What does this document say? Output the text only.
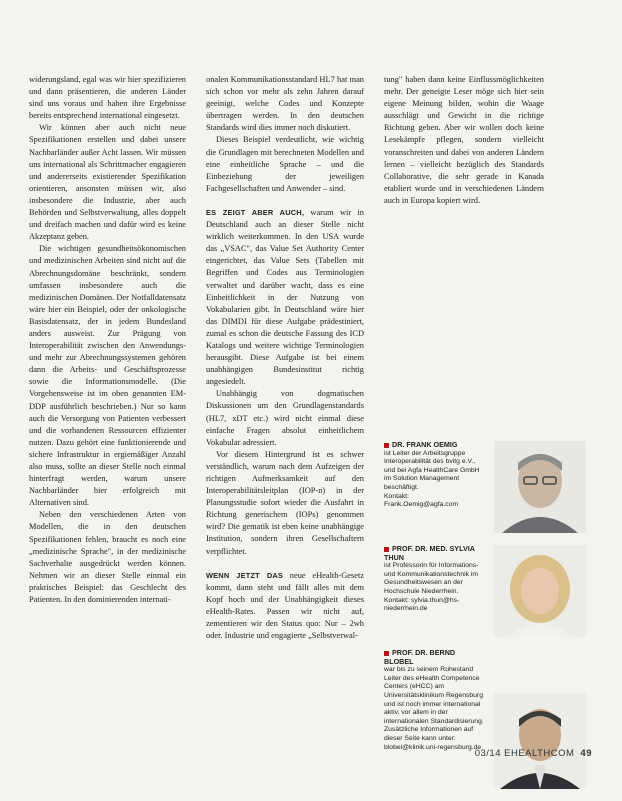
widerungsland, egal was wir hier spezifizieren und dann präsentieren, die anderen Länder sind uns voraus und haben ihre Ergebnisse bereits entsprechend international eingesetzt.

Wir können aber auch nicht neue Spezifikationen erstellen und dabei unsere Nachbarländer außer Acht lassen. Wir müssen uns international als Schrittmacher engagieren und andererseits existierender Spezifikation orientieren, ansonsten müssen wir, also insbesondere die Industrie, aber auch Behörden und Selbstverwaltung, alles doppelt und dreifach machen und dafür wird es keine Akzeptanz geben.

Die wichtigen gesundheitsökonomischen und medizinischen Arbeiten sind nicht auf die Abrechnungsdomäne beschränkt, sondern umfassen insbesondere auch die medizinischen Domänen. Der Notfalldatensatz wäre hier ein Beispiel, oder der onkologische Basisdatensatz, der in jedem Bundesland anders ausweist. Zur Prägung von Interoperabilität zwischen den Anwendungs- und mehr zur Abrechnungssystemen gehören dann die Arbeits- und Geschäftsprozesse sowie die Informationsmodelle. (Die Vorgehensweise ist im oben genannten EM-DDP ausführlich beschrieben.) Nur so kann auch die Versorgung von Patienten verbessert und die vorhandenen Ressourcen effizienter nutzen. Dazu gehört eine funktionierende und sichere Infrastruktur in ergiemäßiger Anzahl also muss, sollte an dieser Stelle noch einmal hinterfragt werden, warum unsere Nachbarländer hier erfolgreich mit Alternativen sind.

Neben den verschiedenen Arten von Modellen, die in den deutschen Spezifikationen fehlen, braucht es noch eine „medizinische Sprache", in der medizinische Sachverhalte ausgedrückt werden können. Nehmen wir an dieser Stelle einmal ein praktisches Beispiel: das Geschlecht des Patienten. In den dominierenden internati-

onalen Kommunikationsstandard HL7 hat man sich schon vor mehr als zehn Jahren darauf geeinigt, welche Codes und Konzepte übertragen werden. In den deutschen Standards wird dies immer noch diskutiert.

Dieses Beispiel verdeutlicht, wie wichtig die Grundlagen mit berechneten Modellen und eine einheitliche Sprache – und die Einbeziehung der jeweiligen Fachgesellschaften und Anwender – sind.

ES ZEIGT ABER AUCH, warum wir in Deutschland auch an dieser Stelle nicht wirklich weiterkommen. In den USA wurde das „VSAC", das Value Set Authority Center eingerichtet, das Value Sets (Tabellen mit Begriffen und Codes aus Terminologien verwaltet und darüber wacht, dass es eine Einheitlichkeit in der Nutzung von Vokabularien gibt. In Deutschland wäre hier das DIMDI für diese Aufgabe prädestiniert, zumal es schon die deutsche Fassung des ICD Katalogs und weitere wichtige Terminologien herausgibt. Diese Aufgabe ist bei einem unabhängigen Bundesinstitut richtig angesiedelt.

Unabhängig von dogmatischen Diskussionen um den Grundlagenstandards (HL7, xDT etc.) wird nicht einmal diese einfache Fragen absolut einheitlichem Vokabular adressiert.

Vor diesem Hintergrund ist es schwer verständlich, warum nach dem Aufzeigen der richtigen Aufmerksamkeit auf den Interoperabilitätsleitplan (IOP-n) in der Planungsstudie sofort wieder die Ausfahrt in Richtung generischem (IOPs) genommen wird? Die gematik ist eben keine unabhängige Institution, sondern ihren Gesellschaftern verpflichtet.

WENN JETZT DAS neue eHealth-Gesetz kommt, dann steht und fällt alles mit dem Kopf hoch und der Unabhängigkeit dieses eHealth-Rates. Passen wir nicht auf, zementieren wir den Status quo: Nur – 2wh oder. Industrie und engagierte „Selbstverwal-

tung" haben dann keine Einflussmöglichkeiten mehr. Der geneigte Leser möge sich hier sein eigene Meinung bilden, wohin die Waage ausschlägt und Gewicht in die richtige Richtung geben. Aber wir wollen doch keine Lesekämpfe pflegen, sondern vielleicht voranschreiten und dabei von anderen Ländern lernen – vielleicht bezüglich des Standards Collaborative, die sehr gerade in Kanada etabliert wurde und in verschiedenen Ländern auch in Europa kopiert wird.

DR. FRANK OEMIG
ist Leiter der Arbeitsgruppe Interoperabilität des bvitg e.V., und bei Agfa HealthCare GmbH im Solution Management beschäftigt.
Kontakt: Frank.Oemig@agfa.com
PROF. DR. MED. SYLVIA THUN
ist Professorin für Informations- und Kommunikationstechnik im Gesundheitswesen an der Hochschule Niederrhein.
Kontakt: sylvia.thun@hs-niederrhein.de
PROF. DR. BERND BLOBEL
war bis zu seinem Ruhestand Leiter des eHealth Competence Centers (eHCC) am Universitätsklinikum Regensburg und ist noch immer international aktiv, vor allem in der internationalen Standardisierung. Zusätzliche Informationen auf dieser Seite kann unter: blobel@klinik.uni-regensburg.de
03/14 EHEALTHCOM 49
